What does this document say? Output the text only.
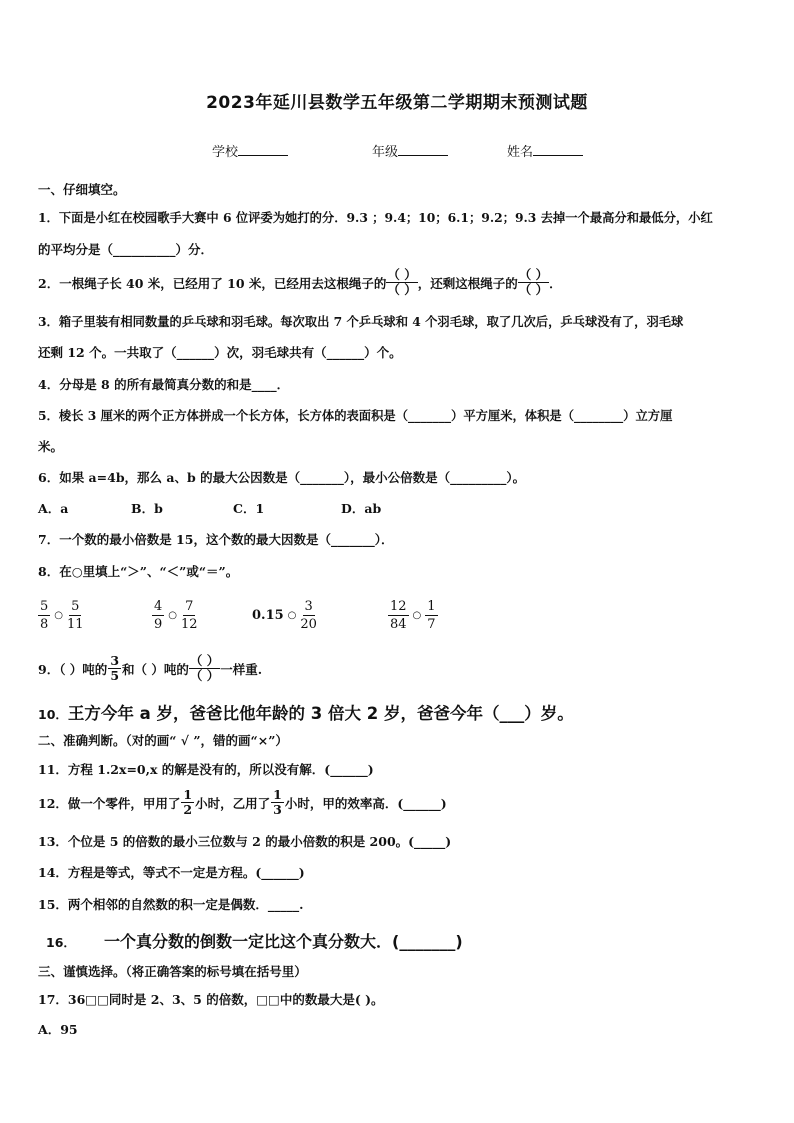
2023年延川县数学五年级第二学期期末预测试题
学校	年级	姓名
一、仔细填空。
1．下面是小红在校园歌手大赛中 6 位评委为她打的分．9.3 ；9.4；10；6.1；9.2；9.3 去掉一个最高分和最低分，小红
的平均分是（__________）分．
2．一根绳子长 40 米，已经用了 10 米，已经用去这根绳子的 $\frac{( )}{( )}$ ，还剩这根绳子的 $\frac{( )}{( )}$ ．
3．箱子里装有相同数量的乒乓球和羽毛球。每次取出 7 个乒乓球和 4 个羽毛球，取了几次后，乒乓球没有了，羽毛球
还剩 12 个。一共取了（______）次，羽毛球共有（______）个。
4．分母是 8 的所有最简真分数的和是____．
5．棱长 3 厘米的两个正方体拼成一个长方体，长方体的表面积是（_______）平方厘米，体积是（________）立方厘
米。
6．如果 a=4b，那么 a、b 的最大公因数是（_______），最小公倍数是（_________）。
A．a	B．b	C．1	D．ab
7．一个数的最小倍数是 15，这个数的最大因数是（_______）．
8．在○里填上“＞”、“＜”或“＝”。
$\frac{5}{8}$ ○ $\frac{5}{11}$	$\frac{4}{9}$ ○ $\frac{7}{12}$	0.15 ○ $\frac{3}{20}$	$\frac{12}{84}$ ○ $\frac{1}{7}$
9．（ ）吨的 $\frac{3}{5}$ 和（ ）吨的 $\frac{( )}{( )}$ 一样重.
10．王方今年 a 岁，爸爸比他年龄的 3 倍大 2 岁，爸爸今年（___）岁。
二、准确判断。（对的画“ √ ”，错的画“×”）
11．方程 1.2x=0,x 的解是没有的，所以没有解．(______)
12．做一个零件，甲用了 $\frac{1}{2}$ 小时，乙用了 $\frac{1}{3}$ 小时，甲的效率高．(______)
13．个位是 5 的倍数的最小三位数与 2 的最小倍数的积是 200。(_____)
14．方程是等式，等式不一定是方程。(______)
15．两个相邻的自然数的积一定是偶数．_____.
16． 一个真分数的倒数一定比这个真分数大．(_______)
三、谨慎选择。（将正确答案的标号填在括号里）
17．36□□同时是 2、3、5 的倍数，□□中的数最大是( )。
A．95
